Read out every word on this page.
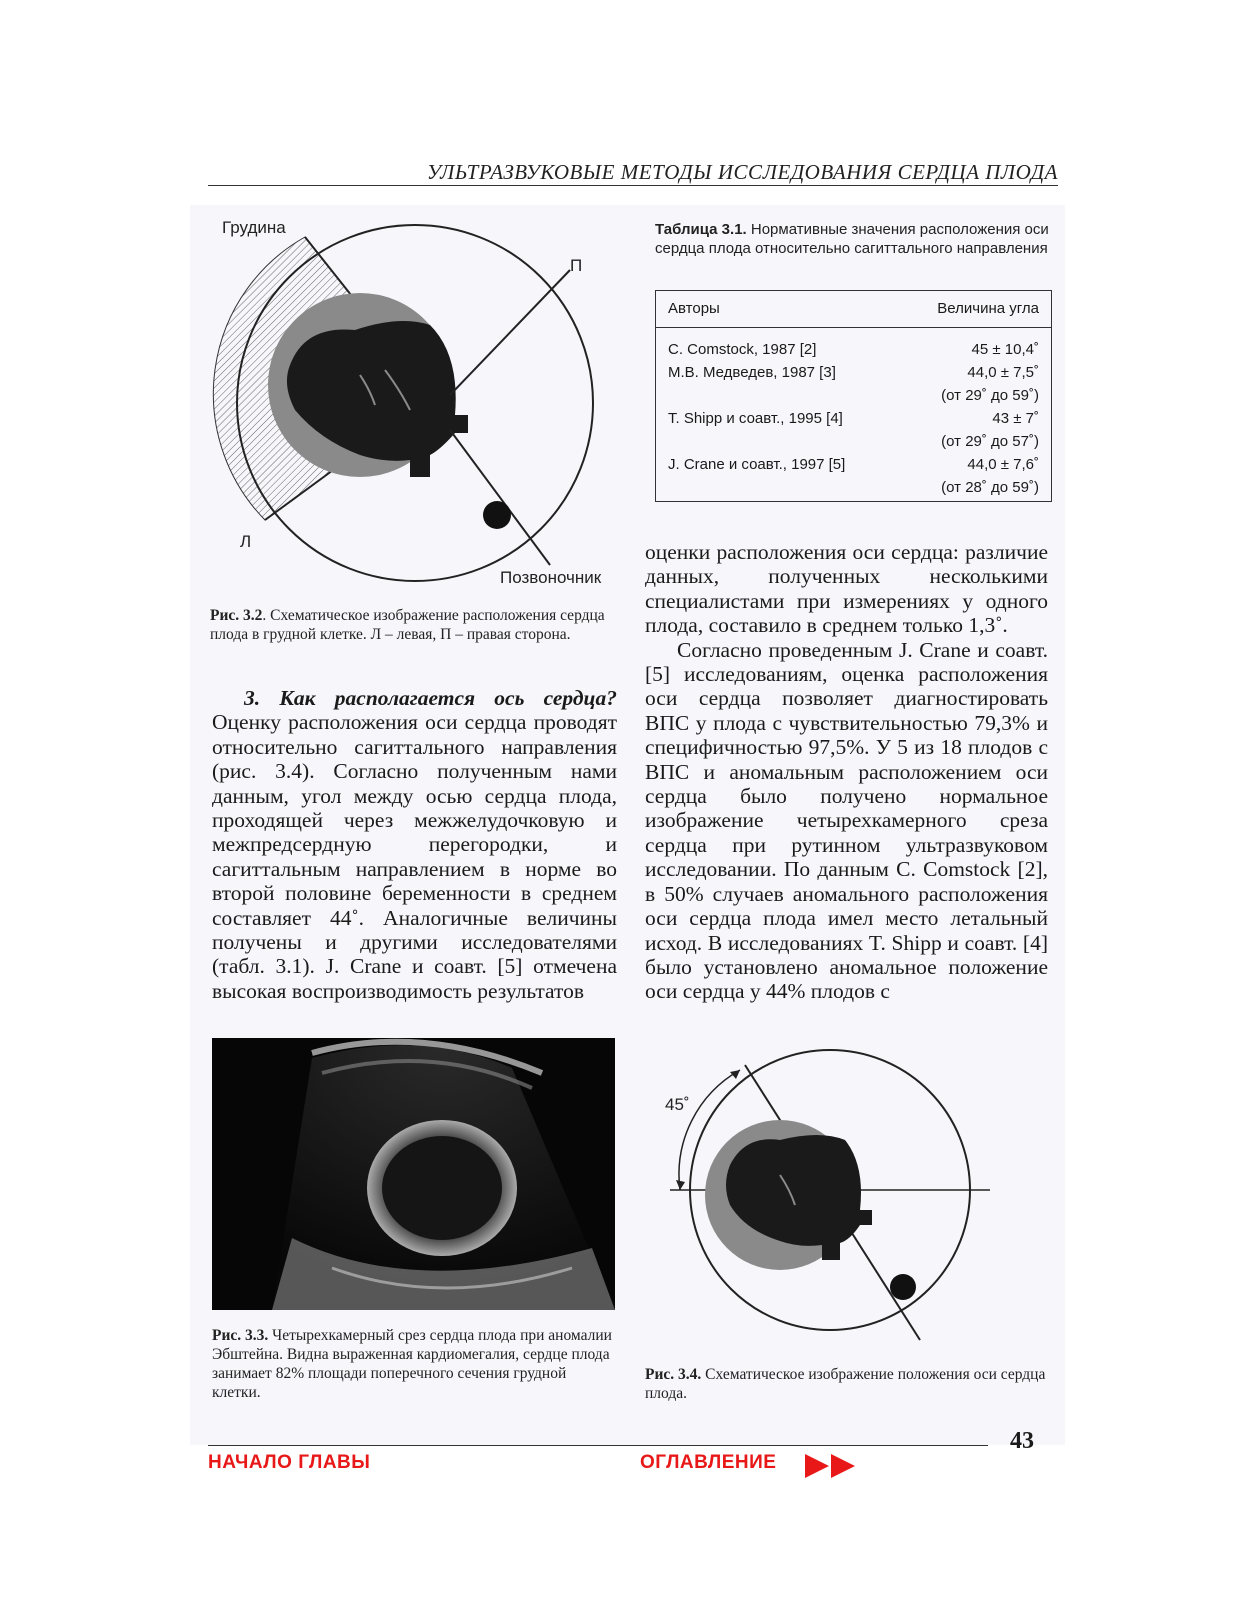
УЛЬТРАЗВУКОВЫЕ МЕТОДЫ ИССЛЕДОВАНИЯ СЕРДЦА ПЛОДА
Грудина
П
Л
Позвоночник
Рис. 3.2. Схематическое изображение расположения сердца плода в грудной клетке. Л – левая, П – правая сторона.

3. Как располагается ось сердца? Оценку расположения оси сердца проводят относительно сагиттального направления (рис. 3.4). Согласно полученным нами данным, угол между осью сердца плода, проходящей через межжелудочковую и межпредсердную перегородки, и сагиттальным направлением в норме во второй половине беременности в среднем составляет 44˚. Аналогичные величины получены и другими исследователями (табл. 3.1). J. Crane и соавт. [5] отмечена высокая воспроизводимость результатов

Таблица 3.1. Нормативные значения расположения оси сердца плода относительно сагиттального направления
Авторы	Величина угла
C. Comstock, 1987 [2]	45 ± 10,4˚
М.В. Медведев, 1987 [3]	44,0 ± 7,5˚
(от 29˚ до 59˚)
T. Shipp и соавт., 1995 [4]	43 ± 7˚
(от 29˚ до 57˚)
J. Crane и соавт., 1997 [5]	44,0 ± 7,6˚
(от 28˚ до 59˚)

оценки расположения оси сердца: различие данных, полученных несколькими специалистами при измерениях у одного плода, составило в среднем только 1,3˚.

Согласно проведенным J. Crane и соавт. [5] исследованиям, оценка расположения оси сердца позволяет диагностировать ВПС у плода с чувствительностью 79,3% и специфичностью 97,5%. У 5 из 18 плодов с ВПС и аномальным расположением оси сердца было получено нормальное изображение четырехкамерного среза сердца при рутинном ультразвуковом исследовании. По данным C. Comstock [2], в 50% случаев аномального расположения оси сердца плода имел место летальный исход. В исследованиях T. Shipp и соавт. [4] было установлено аномальное положение оси сердца у 44% плодов с

Рис. 3.3. Четырехкамерный срез сердца плода при аномалии Эбштейна. Видна выраженная кардиомегалия, сердце плода занимает 82% площади поперечного сечения грудной клетки.
45˚
Рис. 3.4. Схематическое изображение положения оси сердца плода.
43
НАЧАЛО ГЛАВЫ	ОГЛАВЛЕНИЕ
